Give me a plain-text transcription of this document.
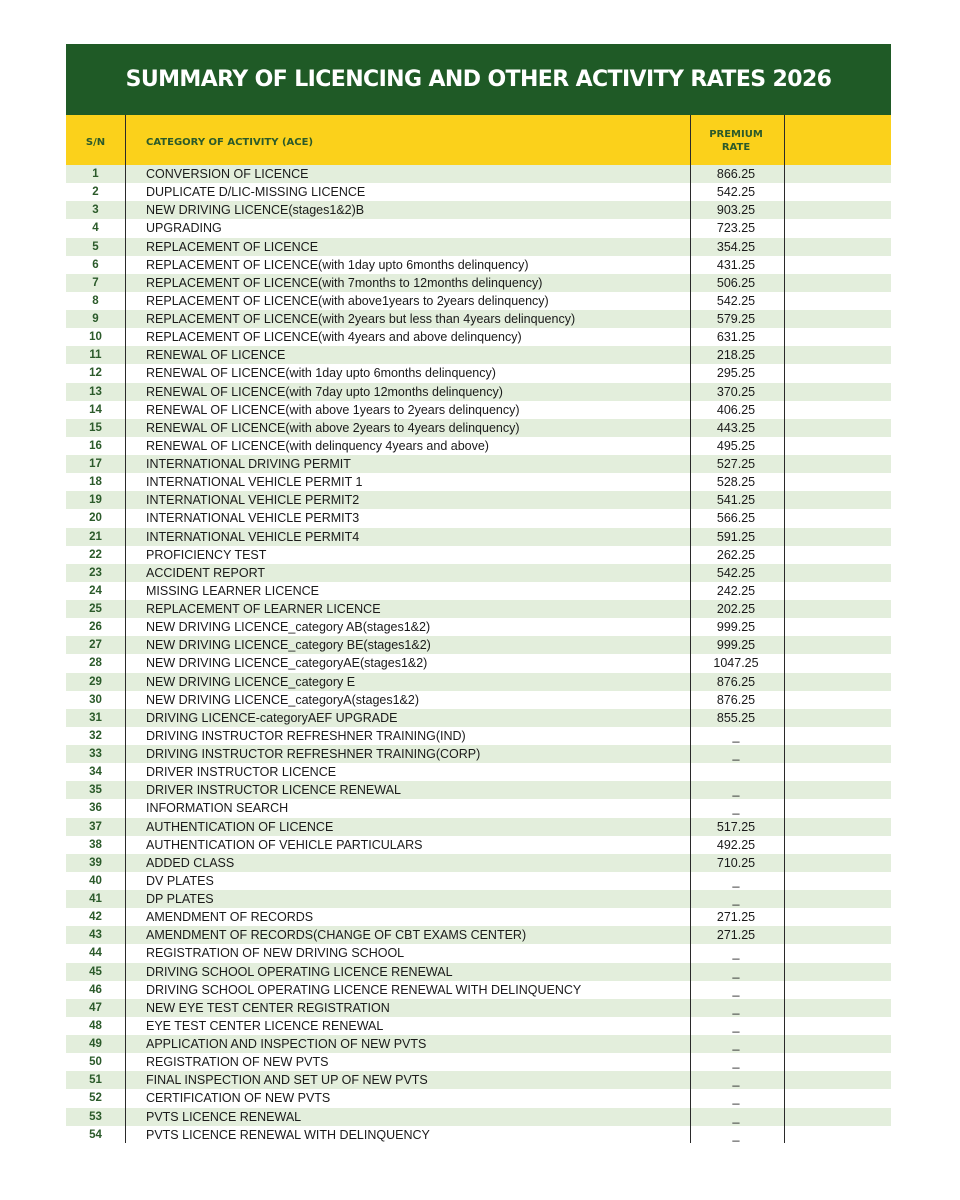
SUMMARY OF LICENCING AND OTHER ACTIVITY RATES 2026
S/N	CATEGORY OF ACTIVITY (ACE)
PREMIUM
RATE
1	CONVERSION OF LICENCE	866.25
2	DUPLICATE D/LIC-MISSING LICENCE	542.25
3	NEW DRIVING LICENCE(stages1&2)B	903.25
4	UPGRADING	723.25
5	REPLACEMENT OF LICENCE	354.25
6	REPLACEMENT OF LICENCE(with 1day upto 6months delinquency)	431.25
7	REPLACEMENT OF LICENCE(with 7months to 12months delinquency)	506.25
8	REPLACEMENT OF LICENCE(with above1years to 2years delinquency)	542.25
9	REPLACEMENT OF LICENCE(with 2years but less than 4years delinquency)	579.25
10	REPLACEMENT OF LICENCE(with 4years and above delinquency)	631.25
11	RENEWAL OF LICENCE	218.25
12	RENEWAL OF LICENCE(with 1day upto 6months delinquency)	295.25
13	RENEWAL OF LICENCE(with 7day upto 12months delinquency)	370.25
14	RENEWAL OF LICENCE(with above 1years to 2years delinquency)	406.25
15	RENEWAL OF LICENCE(with above 2years to 4years delinquency)	443.25
16	RENEWAL OF LICENCE(with delinquency 4years and above)	495.25
17	INTERNATIONAL DRIVING PERMIT	527.25
18	INTERNATIONAL VEHICLE PERMIT 1	528.25
19	INTERNATIONAL VEHICLE PERMIT2	541.25
20	INTERNATIONAL VEHICLE PERMIT3	566.25
21	INTERNATIONAL VEHICLE PERMIT4	591.25
22	PROFICIENCY TEST	262.25
23	ACCIDENT REPORT	542.25
24	MISSING LEARNER LICENCE	242.25
25	REPLACEMENT OF LEARNER LICENCE	202.25
26	NEW DRIVING LICENCE_category AB(stages1&2)	999.25
27	NEW DRIVING LICENCE_category BE(stages1&2)	999.25
28	NEW DRIVING LICENCE_categoryAE(stages1&2)	1047.25
29	NEW DRIVING LICENCE_category E	876.25
30	NEW DRIVING LICENCE_categoryA(stages1&2)	876.25
31	DRIVING LICENCE-categoryAEF UPGRADE	855.25
32	DRIVING INSTRUCTOR REFRESHNER TRAINING(IND)	_
33	DRIVING INSTRUCTOR REFRESHNER TRAINING(CORP)	_
34	DRIVER INSTRUCTOR LICENCE
35	DRIVER INSTRUCTOR LICENCE RENEWAL	_
36	INFORMATION SEARCH	_
37	AUTHENTICATION OF LICENCE	517.25
38	AUTHENTICATION OF VEHICLE PARTICULARS	492.25
39	ADDED CLASS	710.25
40	DV PLATES	_
41	DP PLATES	_
42	AMENDMENT OF RECORDS	271.25
43	AMENDMENT OF RECORDS(CHANGE OF CBT EXAMS CENTER)	271.25
44	REGISTRATION OF NEW DRIVING SCHOOL	_
45	DRIVING SCHOOL OPERATING LICENCE RENEWAL	_
46	DRIVING SCHOOL OPERATING LICENCE RENEWAL WITH DELINQUENCY	_
47	NEW EYE TEST CENTER REGISTRATION	_
48	EYE TEST CENTER LICENCE RENEWAL	_
49	APPLICATION AND INSPECTION OF NEW PVTS	_
50	REGISTRATION OF NEW PVTS	_
51	FINAL INSPECTION AND SET UP OF NEW PVTS	_
52	CERTIFICATION OF NEW PVTS	_
53	PVTS LICENCE RENEWAL	_
54	PVTS LICENCE RENEWAL WITH DELINQUENCY	_
